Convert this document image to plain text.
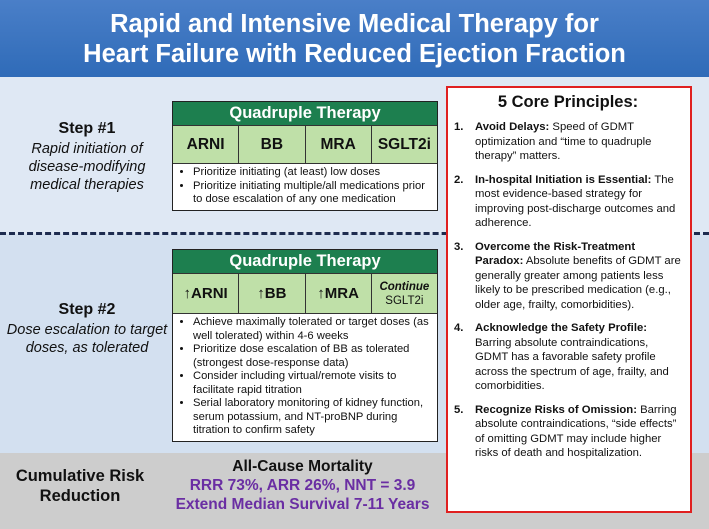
Rapid and Intensive Medical Therapy for
Heart Failure with Reduced Ejection Fraction
Step #1
Rapid initiation of disease-modifying medical therapies
Quadruple Therapy
ARNI	BB	MRA	SGLT2i
• Prioritize initiating (at least) low doses
• Prioritize initiating multiple/all medications prior to dose escalation of any one medication
Step #2
Dose escalation to target doses, as tolerated
Quadruple Therapy
↑ARNI	↑BB	↑MRA	Continue
SGLT2i
• Achieve maximally tolerated or target doses (as well tolerated) within 4-6 weeks
• Prioritize dose escalation of BB as tolerated (strongest dose-response data)
• Consider including virtual/remote visits to facilitate rapid titration
• Serial laboratory monitoring of kidney function, serum potassium, and NT-proBNP during titration to confirm safety
5 Core Principles:
1.	Avoid Delays: Speed of GDMT optimization and “time to quadruple therapy” matters.
2.	In-hospital Initiation is Essential: The most evidence-based strategy for improving post-discharge outcomes and adherence.
3.	Overcome the Risk-Treatment Paradox: Absolute benefits of GDMT are generally greater among patients less likely to be prescribed medication (e.g., older age, frailty, comorbidities).
4.	Acknowledge the Safety Profile: Barring absolute contraindications, GDMT has a favorable safety profile across the spectrum of age, frailty, and comorbidities.
5.	Recognize Risks of Omission: Barring absolute contraindications, “side effects” of omitting GDMT may include higher risks of death and hospitalization.
Cumulative Risk Reduction
All-Cause Mortality
RRR 73%, ARR 26%, NNT = 3.9
Extend Median Survival 7-11 Years
